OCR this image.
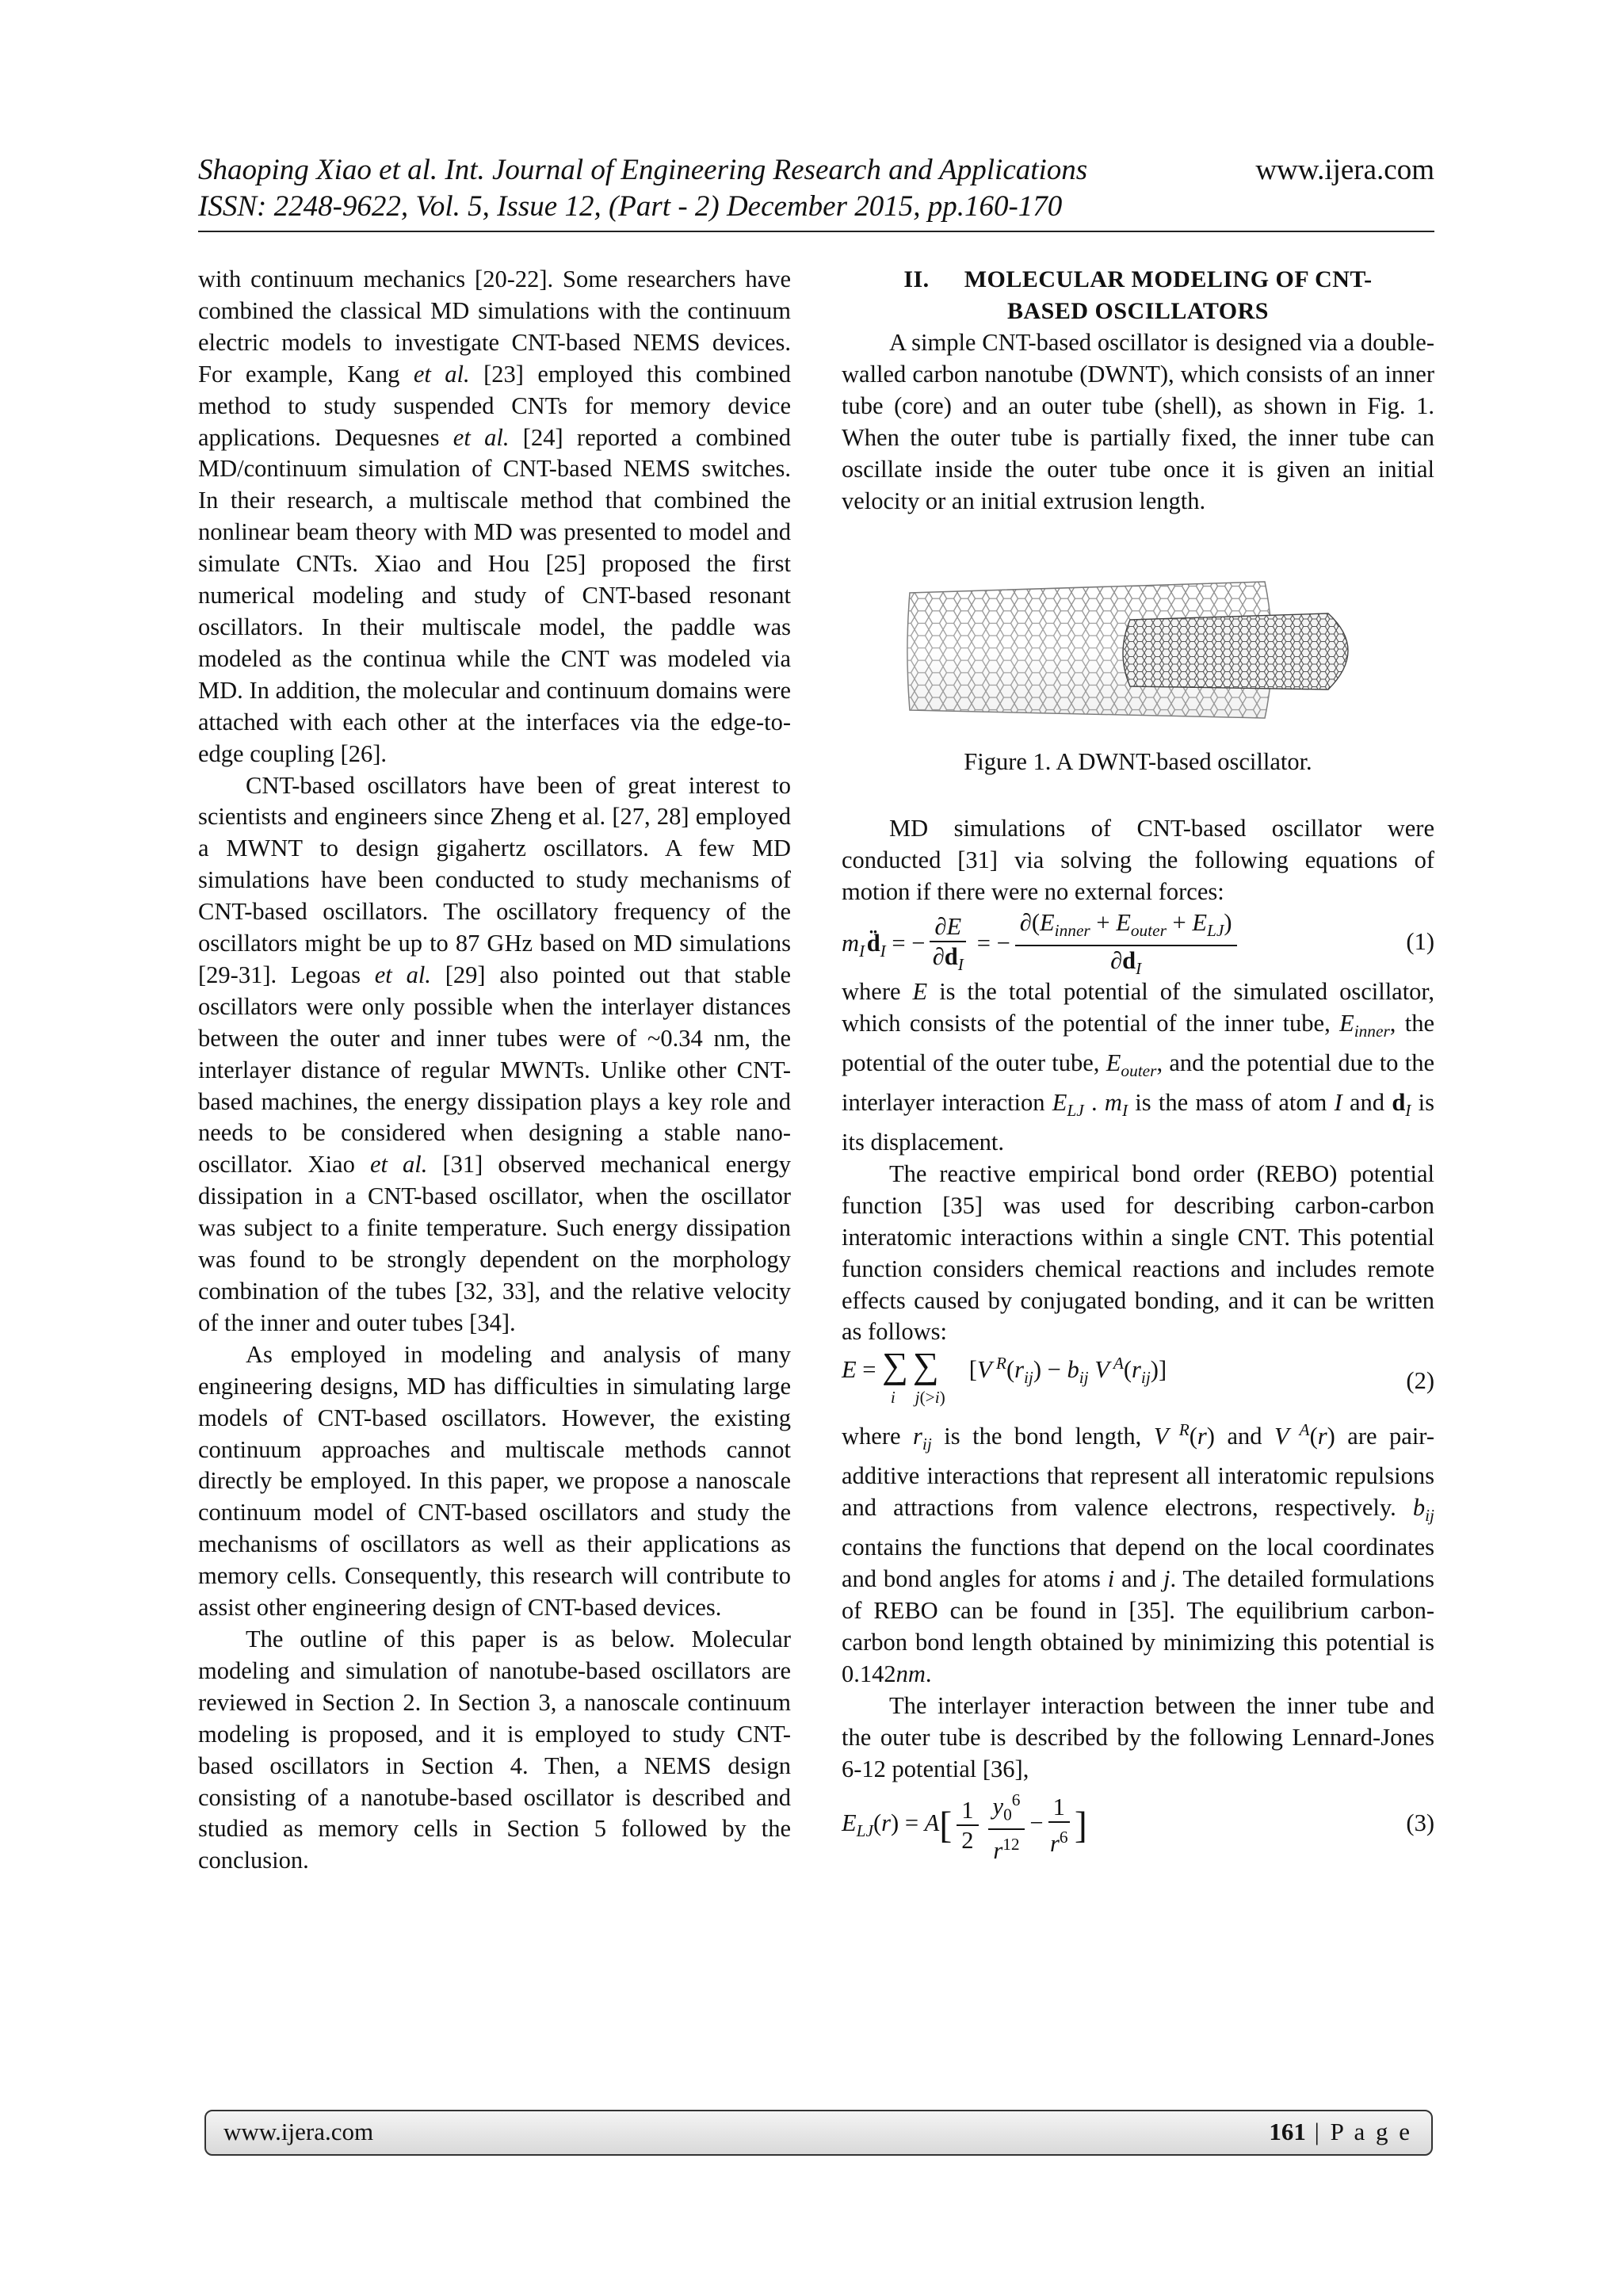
Shaoping Xiao et al. Int. Journal of Engineering Research and Applications
ISSN: 2248-9622, Vol. 5, Issue 12, (Part - 2) December 2015, pp.160-170
www.ijera.com

with continuum mechanics [20-22]. Some researchers have combined the classical MD simulations with the continuum electric models to investigate CNT-based NEMS devices. For example, Kang et al. [23] employed this combined method to study suspended CNTs for memory device applications. Dequesnes et al. [24] reported a combined MD/continuum simulation of CNT-based NEMS switches. In their research, a multiscale method that combined the nonlinear beam theory with MD was presented to model and simulate CNTs. Xiao and Hou [25] proposed the first numerical modeling and study of CNT-based resonant oscillators. In their multiscale model, the paddle was modeled as the continua while the CNT was modeled via MD. In addition, the molecular and continuum domains were attached with each other at the interfaces via the edge-to-edge coupling [26].

CNT-based oscillators have been of great interest to scientists and engineers since Zheng et al. [27, 28] employed a MWNT to design gigahertz oscillators. A few MD simulations have been conducted to study mechanisms of CNT-based oscillators. The oscillatory frequency of the oscillators might be up to 87 GHz based on MD simulations [29-31]. Legoas et al. [29] also pointed out that stable oscillators were only possible when the interlayer distances between the outer and inner tubes were of ~0.34 nm, the interlayer distance of regular MWNTs. Unlike other CNT-based machines, the energy dissipation plays a key role and needs to be considered when designing a stable nano-oscillator. Xiao et al. [31] observed mechanical energy dissipation in a CNT-based oscillator, when the oscillator was subject to a finite temperature. Such energy dissipation was found to be strongly dependent on the morphology combination of the tubes [32, 33], and the relative velocity of the inner and outer tubes [34].

As employed in modeling and analysis of many engineering designs, MD has difficulties in simulating large models of CNT-based oscillators. However, the existing continuum approaches and multiscale methods cannot directly be employed. In this paper, we propose a nanoscale continuum model of CNT-based oscillators and study the mechanisms of oscillators as well as their applications as memory cells. Consequently, this research will contribute to assist other engineering design of CNT-based devices.

The outline of this paper is as below. Molecular modeling and simulation of nanotube-based oscillators are reviewed in Section 2. In Section 3, a nanoscale continuum modeling is proposed, and it is employed to study CNT-based oscillators in Section 4. Then, a NEMS design consisting of a nanotube-based oscillator is described and studied as memory cells in Section 5 followed by the conclusion.

II. MOLECULAR MODELING OF CNT-
BASED OSCILLATORS

A simple CNT-based oscillator is designed via a double-walled carbon nanotube (DWNT), which consists of an inner tube (core) and an outer tube (shell), as shown in Fig. 1. When the outer tube is partially fixed, the inner tube can oscillate inside the outer tube once it is given an initial velocity or an initial extrusion length.

Figure 1. A DWNT-based oscillator.

MD simulations of CNT-based oscillator were conducted [31] via solving the following equations of motion if there were no external forces:

$m_I$ $d̈_I$ = − $\frac{\partial E}{\partial d_I}$ = − $\frac{\partial(E_{inner} + E_{outer} + E_{LJ})}{\partial d_I}$	(1)

where E is the total potential of the simulated oscillator, which consists of the potential of the inner tube, $E_{inner}$, the potential of the outer tube, $E_{outer}$, and the potential due to the interlayer interaction $E_{LJ}$ . $m_I$ is the mass of atom I and $d_I$ is its displacement.

The reactive empirical bond order (REBO) potential function [35] was used for describing carbon-carbon interatomic interactions within a single CNT. This potential function considers chemical reactions and includes remote effects caused by conjugated bonding, and it can be written as follows:

$E = \sum_i\sum_{j(>i)}[V$ $^R(r_{ij}) - b_{ij}$ V $^A(r_{ij})$]	(2)

where $r_{ij}$ is the bond length, V $^R$(r) and V $^A$(r) are pair-additive interactions that represent all interatomic repulsions and attractions from valence electrons, respectively. $b_{ij}$ contains the functions that depend on the local coordinates and bond angles for atoms i and j. The detailed formulations of REBO can be found in [35]. The equilibrium carbon-carbon bond length obtained by minimizing this potential is 0.142nm.

The interlayer interaction between the inner tube and the outer tube is described by the following Lennard-Jones 6-12 potential [36],

$E_{LJ}(r) = A[ \frac{1}{2} \frac{y_0^6}{r^{12}} - \frac{1}{r^6}$ ]	(3)
www.ijera.com	161 | P a g e
